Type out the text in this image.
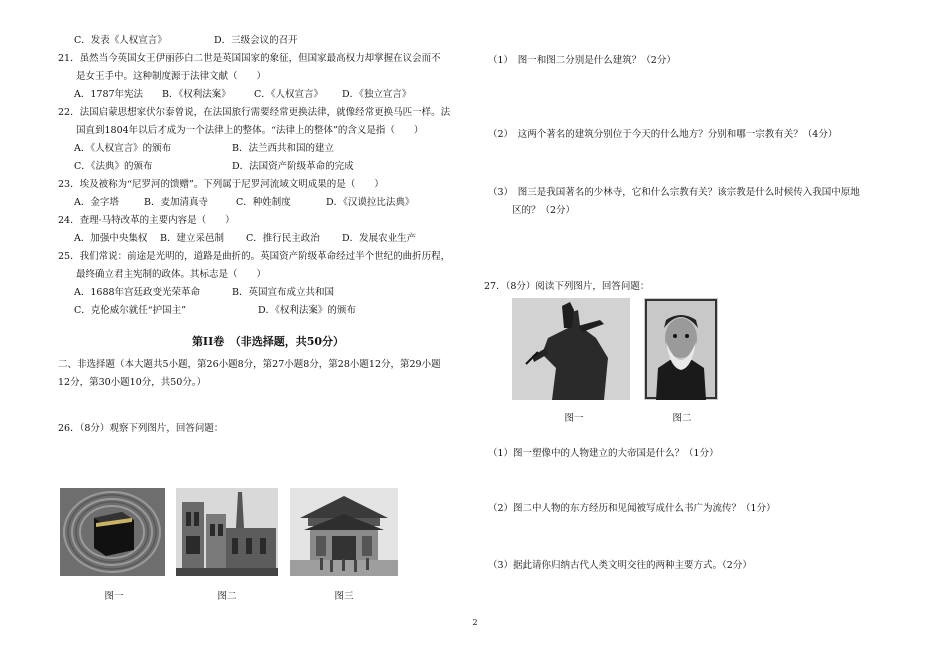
C．发表《人权宣言》	D．三级会议的召开
21．虽然当今英国女王伊丽莎白二世是英国国家的象征，但国家最高权力却掌握在议会而不
是女王手中。这种制度源于法律文献（　　）
A．1787年宪法	B．《权利法案》	C．《人权宣言》	D．《独立宣言》
22．法国启蒙思想家伏尔泰曾说，在法国旅行需要经常更换法律，就像经常更换马匹一样。法
国直到1804年以后才成为一个法律上的整体。“法律上的整体”的含义是指（　　）
A．《人权宣言》的颁布	B．法兰西共和国的建立
C．《法典》的颁布	D．法国资产阶级革命的完成
23．埃及被称为“尼罗河的馈赠”。下列属于尼罗河流域文明成果的是（　　）
A．金字塔	B．麦加清真寺	C．种姓制度	D．《汉谟拉比法典》
24．查理·马特改革的主要内容是（　　）
A．加强中央集权	B．建立采邑制	C．推行民主政治	D．发展农业生产
25．我们常说：前途是光明的，道路是曲折的。英国资产阶级革命经过半个世纪的曲折历程，
最终确立君主宪制的政体。其标志是（　　）
A．1688年宫廷政变光荣革命	B．英国宣布成立共和国
C．克伦威尔就任“护国主”	D．《权利法案》的颁布
第II卷　（非选择题，共50分）
二、非选择题（本大题共5小题，第26小题8分，第27小题8分，第28小题12分，第29小题
12分，第30小题10分，共50分。）
26．（8分）观察下列图片，回答问题：
图一	图二	图三
（1）　图一和图二分别是什么建筑？（2分）
（2）　这两个著名的建筑分别位于今天的什么地方？分别和哪一宗教有关？（4分）
（3）　图三是我国著名的少林寺，它和什么宗教有关？该宗教是什么时候传入我国中原地
区的？（2分）
27．（8分）阅读下列图片，回答问题：
图一	图二
（1）图一塑像中的人物建立的大帝国是什么？（1分）
（2）图二中人物的东方经历和见闻被写成什么书广为流传？（1分）
（3）据此请你归纳古代人类文明交往的两种主要方式。（2分）
2
